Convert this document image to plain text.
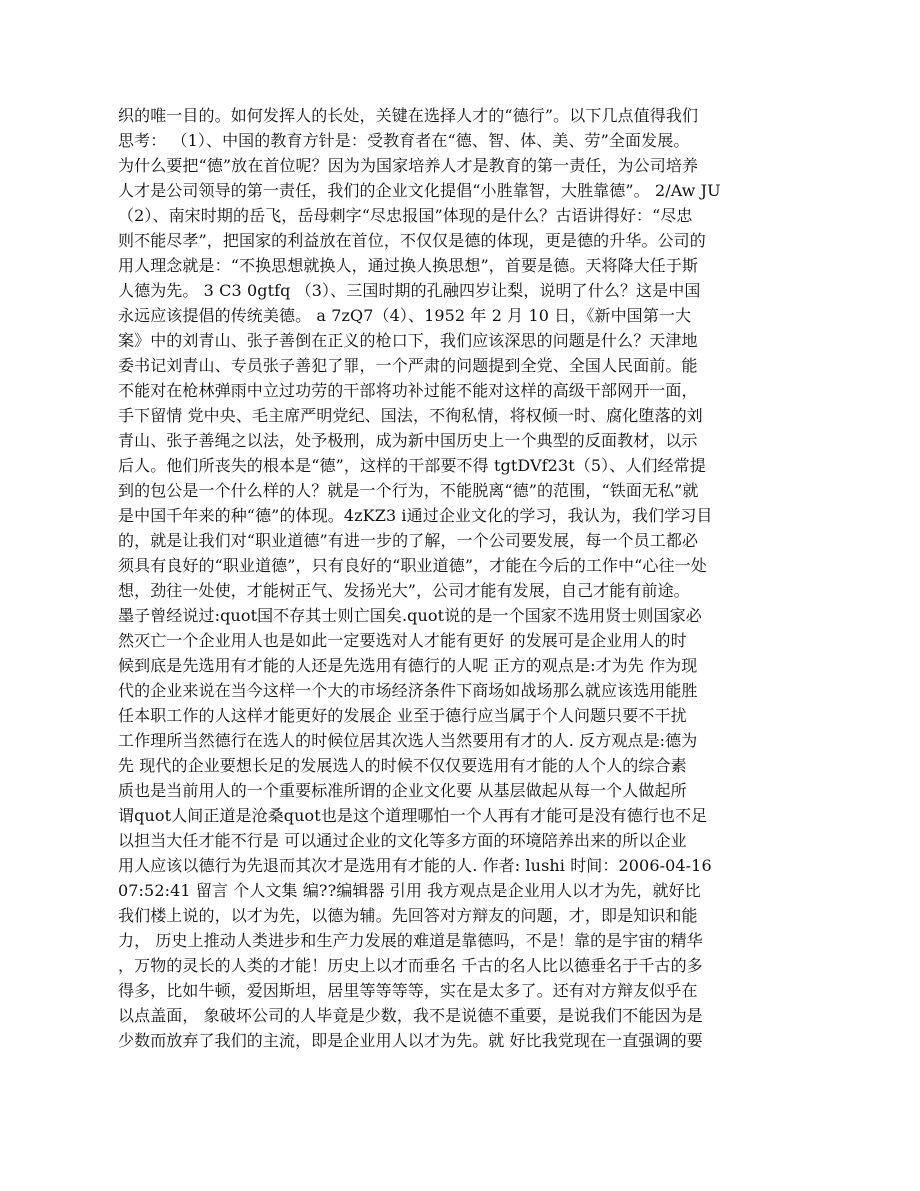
织的唯一目的。如何发挥人的长处，关键在选择人才的“德行”。以下几点值得我们
思考： （1）、中国的教育方针是：受教育者在“德、智、体、美、劳”全面发展。
为什么要把“德”放在首位呢？因为为国家培养人才是教育的第一责任，为公司培养
人才是公司领导的第一责任，我们的企业文化提倡“小胜靠智，大胜靠德”。 2/Aw JU
（2）、南宋时期的岳飞，岳母刺字“尽忠报国”体现的是什么？古语讲得好：“尽忠
则不能尽孝”，把国家的利益放在首位，不仅仅是德的体现，更是德的升华。公司的
用人理念就是：“不换思想就换人，通过换人换思想”，首要是德。天将降大任于斯
人德为先。 3 C3 0gtfq （3）、三国时期的孔融四岁让梨，说明了什么？这是中国
永远应该提倡的传统美德。 a 7zQ7（4）、1952 年 2 月 10 日，《新中国第一大
案》中的刘青山、张子善倒在正义的枪口下，我们应该深思的问题是什么？天津地
委书记刘青山、专员张子善犯了罪，一个严肃的问题提到全党、全国人民面前。能
不能对在枪林弹雨中立过功劳的干部将功补过能不能对这样的高级干部网开一面，
手下留情 党中央、毛主席严明党纪、国法，不徇私情，将权倾一时、腐化堕落的刘
青山、张子善绳之以法，处予极刑，成为新中国历史上一个典型的反面教材，以示
后人。他们所丧失的根本是“德”，这样的干部要不得 tgtDVf23t（5）、人们经常提
到的包公是一个什么样的人？就是一个行为，不能脱离“德”的范围，“铁面无私”就
是中国千年来的种“德”的体现。4zKZ3 i通过企业文化的学习，我认为，我们学习目
的，就是让我们对“职业道德”有进一步的了解，一个公司要发展，每一个员工都必
须具有良好的“职业道德”，只有良好的“职业道德”，才能在今后的工作中“心往一处
想，劲往一处使，才能树正气、发扬光大”，公司才能有发展，自己才能有前途。
墨子曾经说过:quot国不存其士则亡国矣.quot说的是一个国家不选用贤士则国家必
然灭亡一个企业用人也是如此一定要选对人才能有更好 的发展可是企业用人的时
候到底是先选用有才能的人还是先选用有德行的人呢 正方的观点是:才为先 作为现
代的企业来说在当今这样一个大的市场经济条件下商场如战场那么就应该选用能胜
任本职工作的人这样才能更好的发展企 业至于德行应当属于个人问题只要不干扰
工作理所当然德行在选人的时候位居其次选人当然要用有才的人. 反方观点是:德为
先 现代的企业要想长足的发展选人的时候不仅仅要选用有才能的人个人的综合素
质也是当前用人的一个重要标准所谓的企业文化要 从基层做起从每一个人做起所
谓quot人间正道是沧桑quot也是这个道理哪怕一个人再有才能可是没有德行也不足
以担当大任才能不行是 可以通过企业的文化等多方面的环境陪养出来的所以企业
用人应该以德行为先退而其次才是选用有才能的人. 作者: lushi 时间：2006-04-16
07:52:41 留言 个人文集 编??编辑器 引用 我方观点是企业用人以才为先，就好比
我们楼上说的，以才为先，以德为辅。先回答对方辩友的问题，才，即是知识和能
力， 历史上推动人类进步和生产力发展的难道是靠德吗，不是！靠的是宇宙的精华
，万物的灵长的人类的才能！历史上以才而垂名 千古的名人比以德垂名于千古的多
得多，比如牛顿，爱因斯坦，居里等等等等，实在是太多了。还有对方辩友似乎在
以点盖面， 象破坏公司的人毕竟是少数，我不是说德不重要，是说我们不能因为是
少数而放弃了我们的主流，即是企业用人以才为先。就 好比我党现在一直强调的要
